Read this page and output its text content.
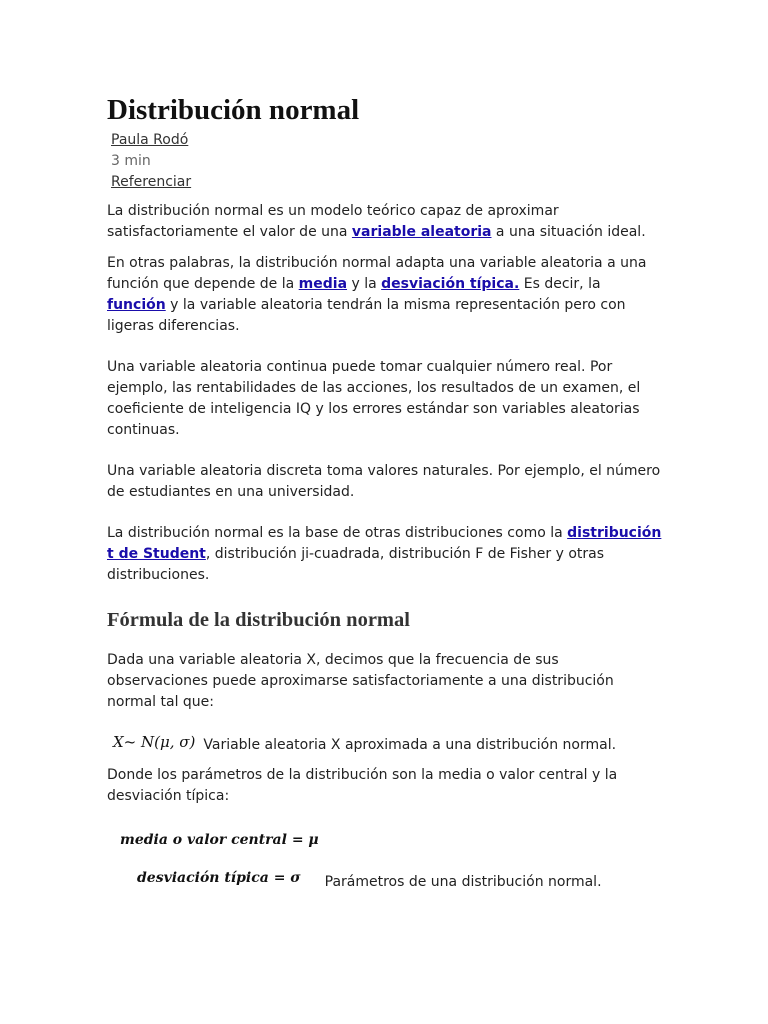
Distribución normal
Paula Rodó
3 min
Referenciar

La distribución normal es un modelo teórico capaz de aproximar satisfactoriamente el valor de una variable aleatoria a una situación ideal.

En otras palabras, la distribución normal adapta una variable aleatoria a una función que depende de la media y la desviación típica. Es decir, la función y la variable aleatoria tendrán la misma representación pero con ligeras diferencias.

Una variable aleatoria continua puede tomar cualquier número real. Por ejemplo, las rentabilidades de las acciones, los resultados de un examen, el coeficiente de inteligencia IQ y los errores estándar son variables aleatorias continuas.

Una variable aleatoria discreta toma valores naturales. Por ejemplo, el número de estudiantes en una universidad.

La distribución normal es la base de otras distribuciones como la distribución t de Student, distribución ji-cuadrada, distribución F de Fisher y otras distribuciones.

Fórmula de la distribución normal

Dada una variable aleatoria X, decimos que la frecuencia de sus observaciones puede aproximarse satisfactoriamente a una distribución normal tal que:

X~ N(μ, σ) Variable aleatoria X aproximada a una distribución normal.

Donde los parámetros de la distribución son la media o valor central y la desviación típica:

media o valor central = μ
desviación típica = σ Parámetros de una distribución normal.
